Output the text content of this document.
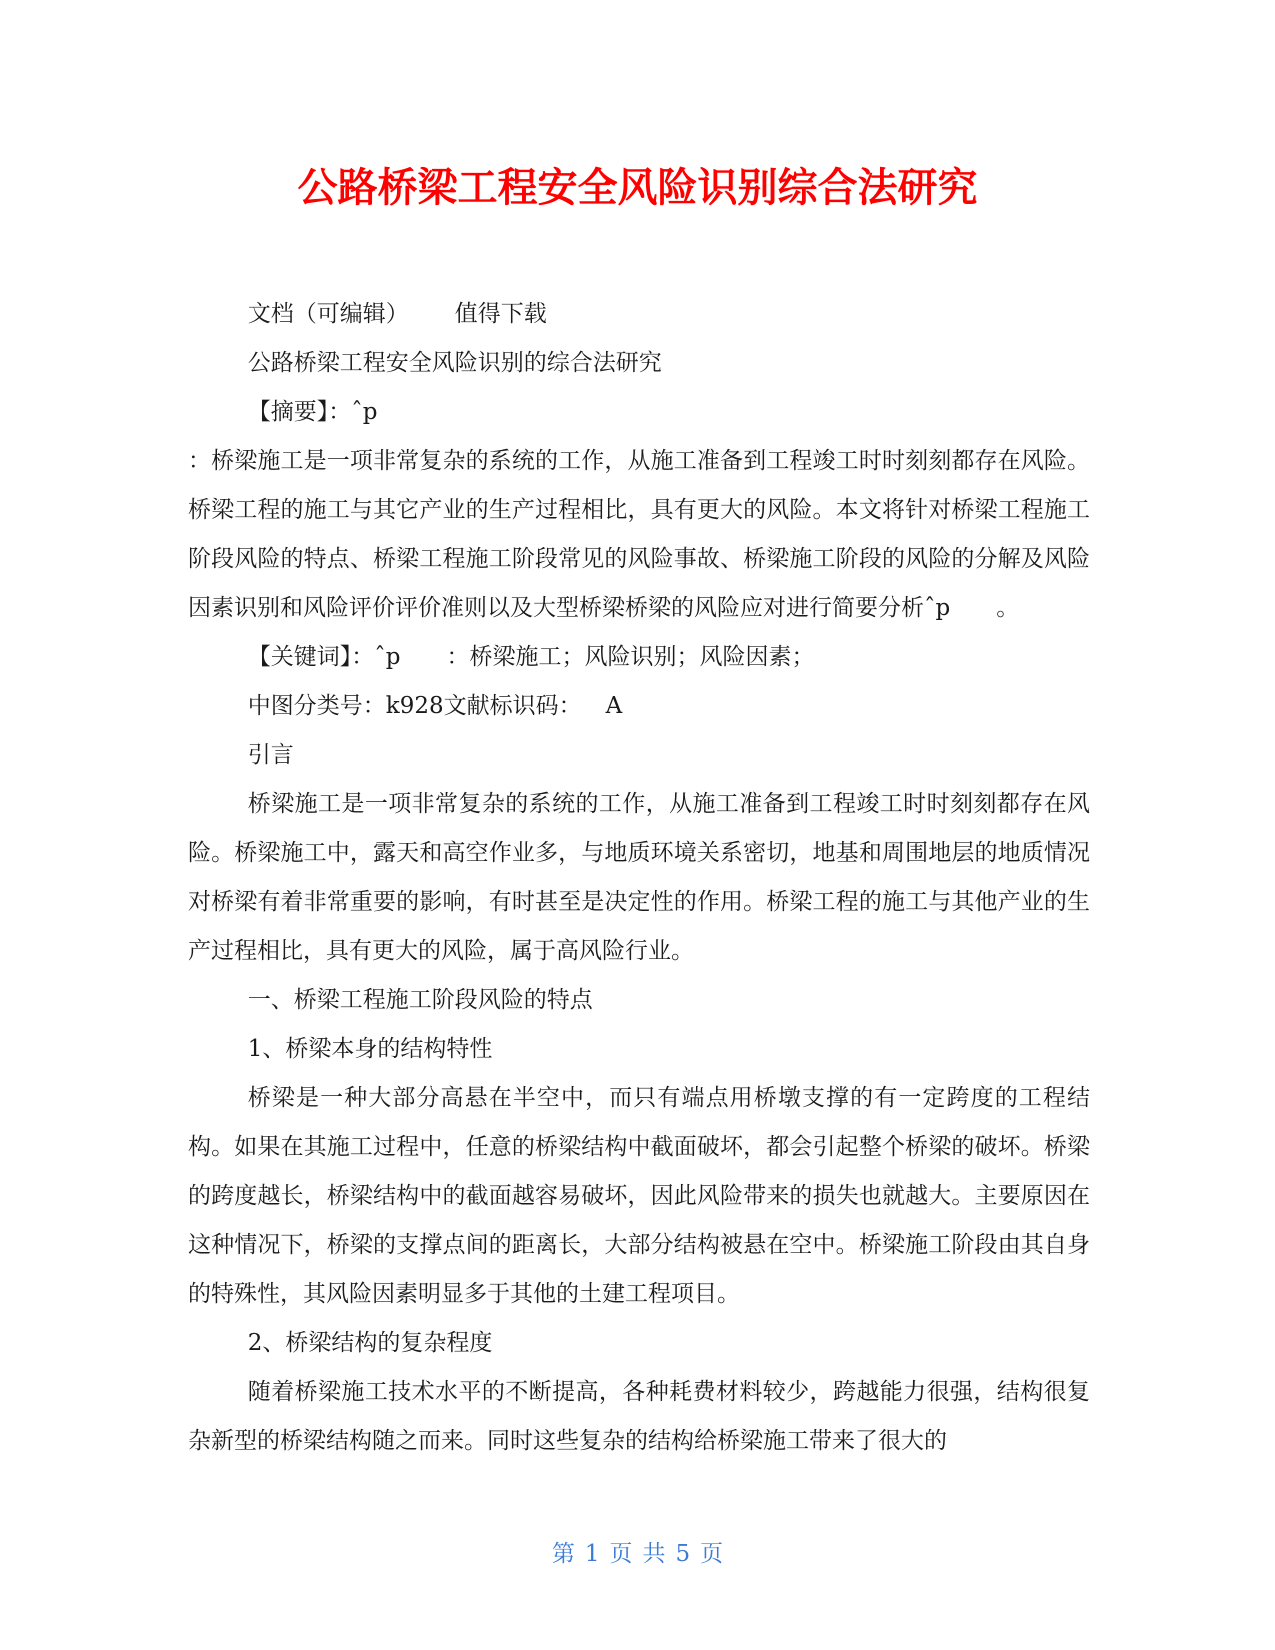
公路桥梁工程安全风险识别综合法研究

文档（可编辑） 值得下载

公路桥梁工程安全风险识别的综合法研究

【摘要】：ˆp

：桥梁施工是一项非常复杂的系统的工作，从施工准备到工程竣工时时刻刻都存在风险。桥梁工程的施工与其它产业的生产过程相比，具有更大的风险。本文将针对桥梁工程施工阶段风险的特点、桥梁工程施工阶段常见的风险事故、桥梁施工阶段的风险的分解及风险因素识别和风险评价评价准则以及大型桥梁桥梁的风险应对进行简要分析ˆp 。

【关键词】：ˆp ：桥梁施工；风险识别；风险因素；

中图分类号：k928文献标识码： A

引言

桥梁施工是一项非常复杂的系统的工作，从施工准备到工程竣工时时刻刻都存在风险。桥梁施工中，露天和高空作业多，与地质环境关系密切，地基和周围地层的地质情况对桥梁有着非常重要的影响，有时甚至是决定性的作用。桥梁工程的施工与其他产业的生产过程相比，具有更大的风险，属于高风险行业。

一、桥梁工程施工阶段风险的特点

1、桥梁本身的结构特性

桥梁是一种大部分高悬在半空中，而只有端点用桥墩支撑的有一定跨度的工程结构。如果在其施工过程中，任意的桥梁结构中截面破坏，都会引起整个桥梁的破坏。桥梁的跨度越长，桥梁结构中的截面越容易破坏，因此风险带来的损失也就越大。主要原因在这种情况下，桥梁的支撑点间的距离长，大部分结构被悬在空中。桥梁施工阶段由其自身的特殊性，其风险因素明显多于其他的土建工程项目。

2、桥梁结构的复杂程度

随着桥梁施工技术水平的不断提高，各种耗费材料较少，跨越能力很强，结构很复杂新型的桥梁结构随之而来。同时这些复杂的结构给桥梁施工带来了很大的

第 1 页 共 5 页
